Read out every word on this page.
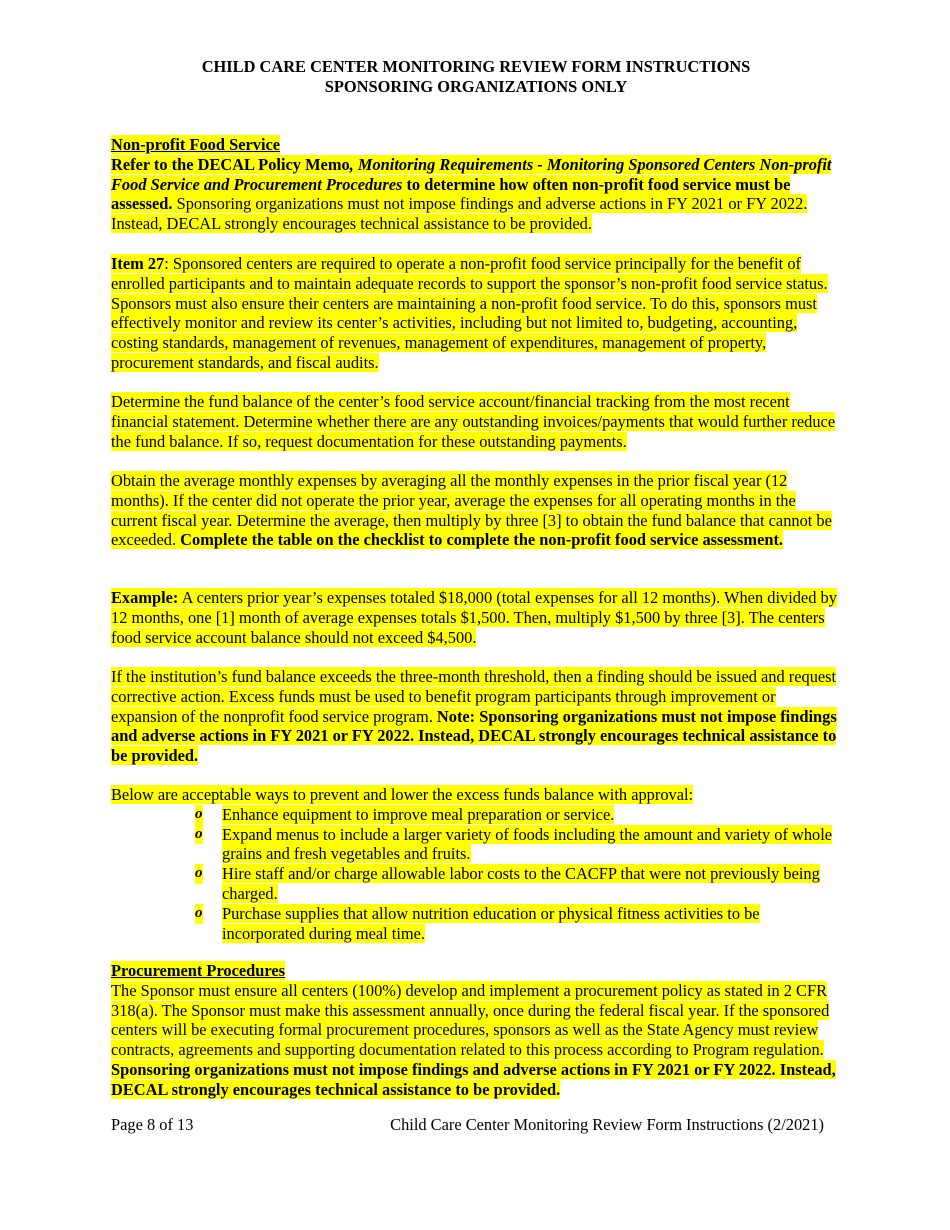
CHILD CARE CENTER MONITORING REVIEW FORM INSTRUCTIONS
SPONSORING ORGANIZATIONS ONLY
Non-profit Food Service
Refer to the DECAL Policy Memo, Monitoring Requirements - Monitoring Sponsored Centers Non-profit Food Service and Procurement Procedures to determine how often non-profit food service must be assessed. Sponsoring organizations must not impose findings and adverse actions in FY 2021 or FY 2022. Instead, DECAL strongly encourages technical assistance to be provided.
Item 27: Sponsored centers are required to operate a non-profit food service principally for the benefit of enrolled participants and to maintain adequate records to support the sponsor’s non-profit food service status. Sponsors must also ensure their centers are maintaining a non-profit food service. To do this, sponsors must effectively monitor and review its center’s activities, including but not limited to, budgeting, accounting, costing standards, management of revenues, management of expenditures, management of property, procurement standards, and fiscal audits.
Determine the fund balance of the center’s food service account/financial tracking from the most recent financial statement. Determine whether there are any outstanding invoices/payments that would further reduce the fund balance. If so, request documentation for these outstanding payments.
Obtain the average monthly expenses by averaging all the monthly expenses in the prior fiscal year (12 months). If the center did not operate the prior year, average the expenses for all operating months in the current fiscal year. Determine the average, then multiply by three [3] to obtain the fund balance that cannot be exceeded. Complete the table on the checklist to complete the non-profit food service assessment.
Example: A centers prior year’s expenses totaled $18,000 (total expenses for all 12 months). When divided by 12 months, one [1] month of average expenses totals $1,500. Then, multiply $1,500 by three [3]. The centers food service account balance should not exceed $4,500.
If the institution’s fund balance exceeds the three-month threshold, then a finding should be issued and request corrective action. Excess funds must be used to benefit program participants through improvement or expansion of the nonprofit food service program. Note: Sponsoring organizations must not impose findings and adverse actions in FY 2021 or FY 2022. Instead, DECAL strongly encourages technical assistance to be provided.
Below are acceptable ways to prevent and lower the excess funds balance with approval:
o Enhance equipment to improve meal preparation or service.
o Expand menus to include a larger variety of foods including the amount and variety of whole grains and fresh vegetables and fruits.
o Hire staff and/or charge allowable labor costs to the CACFP that were not previously being charged.
o Purchase supplies that allow nutrition education or physical fitness activities to be incorporated during meal time.
Procurement Procedures
The Sponsor must ensure all centers (100%) develop and implement a procurement policy as stated in 2 CFR 318(a). The Sponsor must make this assessment annually, once during the federal fiscal year. If the sponsored centers will be executing formal procurement procedures, sponsors as well as the State Agency must review contracts, agreements and supporting documentation related to this process according to Program regulation. Sponsoring organizations must not impose findings and adverse actions in FY 2021 or FY 2022. Instead, DECAL strongly encourages technical assistance to be provided.
Page 8 of 13	Child Care Center Monitoring Review Form Instructions (2/2021)
